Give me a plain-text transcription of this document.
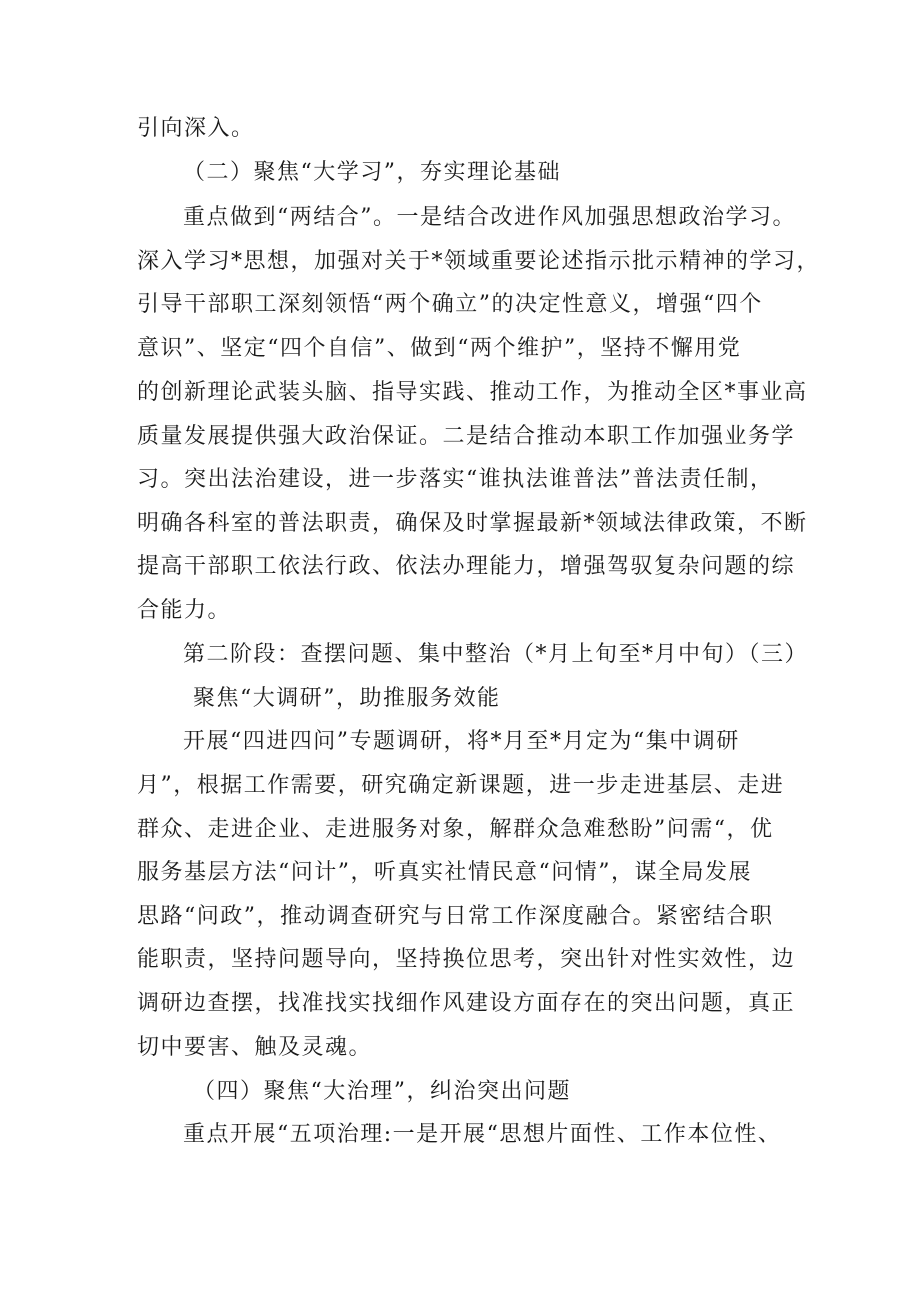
引向深入。
（二）聚焦“大学习”，夯实理论基础
重点做到“两结合”。一是结合改进作风加强思想政治学习。
深入学习*思想，加强对关于*领域重要论述指示批示精神的学习，
引导干部职工深刻领悟“两个确立”的决定性意义，增强“四个
意识”、坚定“四个自信”、做到“两个维护”，坚持不懈用党
的创新理论武装头脑、指导实践、推动工作，为推动全区*事业高
质量发展提供强大政治保证。二是结合推动本职工作加强业务学
习。突出法治建设，进一步落实“谁执法谁普法”普法责任制，
明确各科室的普法职责，确保及时掌握最新*领域法律政策，不断
提高干部职工依法行政、依法办理能力，增强驾驭复杂问题的综
合能力。
第二阶段：查摆问题、集中整治（*月上旬至*月中旬）（三）
聚焦“大调研”，助推服务效能
开展“四进四问”专题调研，将*月至*月定为“集中调研
月”，根据工作需要，研究确定新课题，进一步走进基层、走进
群众、走进企业、走进服务对象，解群众急难愁盼”问需“，优
服务基层方法“问计”，听真实社情民意“问情”，谋全局发展
思路“问政”，推动调查研究与日常工作深度融合。紧密结合职
能职责，坚持问题导向，坚持换位思考，突出针对性实效性，边
调研边查摆，找准找实找细作风建设方面存在的突出问题，真正
切中要害、触及灵魂。
（四）聚焦“大治理”，纠治突出问题
重点开展“五项治理:一是开展“思想片面性、工作本位性、
